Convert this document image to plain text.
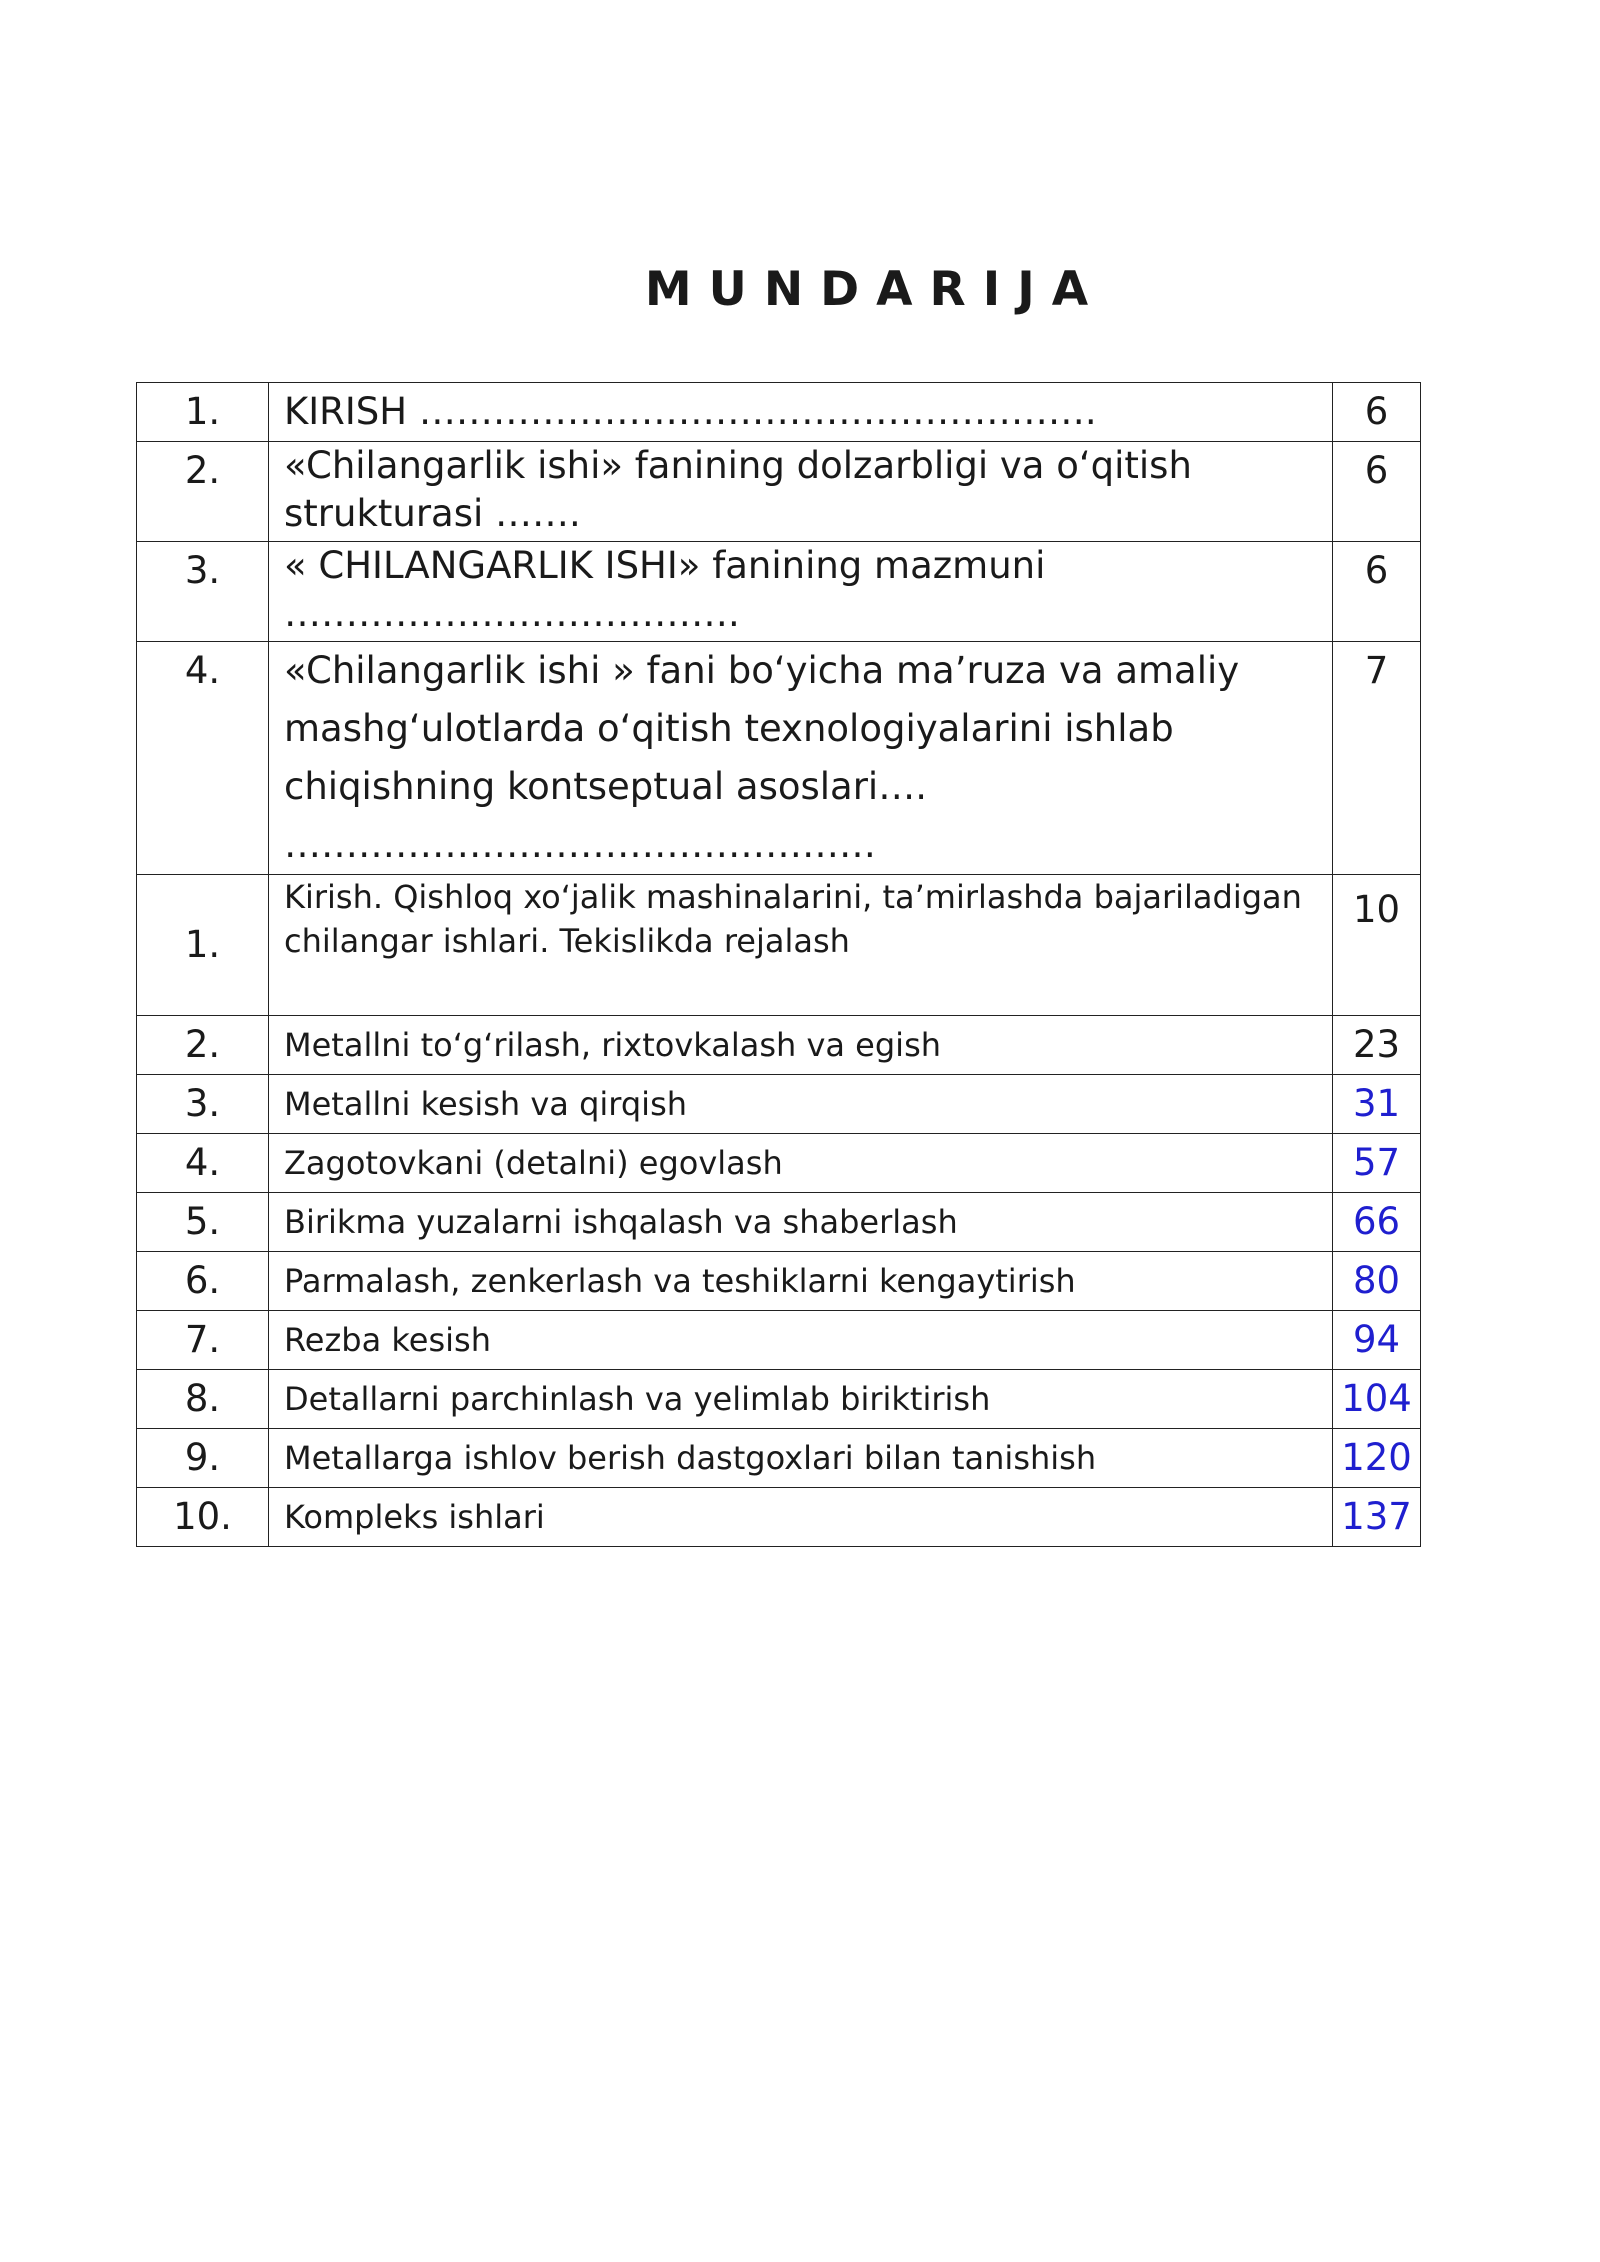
MUNDARIJA
1.	KIRISH ……………………………………………….	6
2.	«Chilangarlik ishi» fanining dolzarbligi va o‘qitish strukturasi …….	6
3.	« CHILANGARLIK ISHI» fanining mazmuni ……………………………….	6
4.	«Chilangarlik ishi » fani bo‘yicha ma’ruza va amaliy mashg‘ulotlarda o‘qitish texnologiyalarini ishlab chiqishning kontseptual asoslari…. …………………………………………	7
1.	Kirish. Qishloq xo‘jalik mashinalarini, ta’mirlashda bajariladigan chilangar ishlari. Tekislikda rejalash	10
2.	Metallni to‘g‘rilash, rixtovkalash va egish	23
3.	Metallni kesish va qirqish	31
4.	Zagotovkani (detalni) egovlash	57
5.	Birikma yuzalarni ishqalash va shaberlash	66
6.	Parmalash, zenkerlash va teshiklarni kengaytirish	80
7.	Rezba kesish	94
8.	Detallarni parchinlash va yelimlab biriktirish	104
9.	Metallarga ishlov berish dastgoxlari bilan tanishish	120
10.	Kompleks ishlari	137
